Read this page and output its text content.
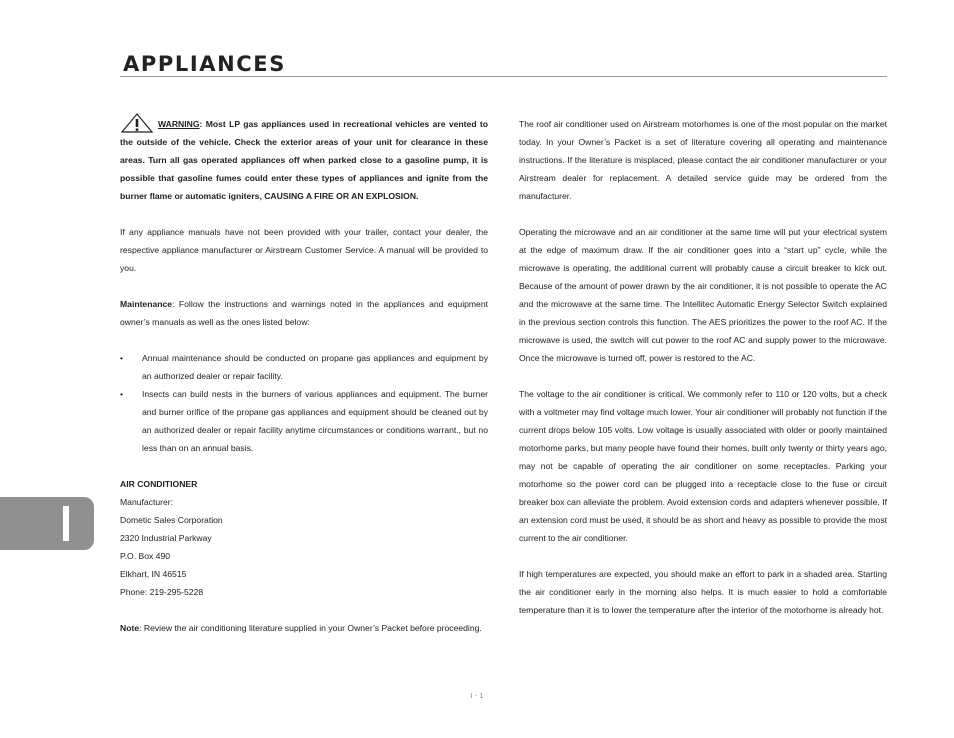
APPLIANCES

WARNING: Most LP gas appliances used in recreational vehicles are vented to the outside of the vehicle. Check the exterior areas of your unit for clearance in these areas. Turn all gas operated appliances off when parked close to a gasoline pump, it is possible that gasoline fumes could enter these types of appliances and ignite from the burner flame or automatic igniters, CAUSING A FIRE OR AN EXPLOSION.

If any appliance manuals have not been provided with your trailer, contact your dealer, the respective appliance manufacturer or Airstream Customer Service. A manual will be provided to you.

Maintenance: Follow the instructions and warnings noted in the appliances and equipment owner’s manuals as well as the ones listed below:

• Annual maintenance should be conducted on propane gas appliances and equipment by an authorized dealer or repair facility.
• Insects can build nests in the burners of various appliances and equipment. The burner and burner orifice of the propane gas appliances and equipment should be cleaned out by an authorized dealer or repair facility anytime circumstances or conditions warrant., but no less than on an annual basis.

AIR CONDITIONER

Manufacturer:

Dometic Sales Corporation

2320 Industrial Parkway

P.O. Box 490

Elkhart, IN 46515

Phone: 219-295-5228

Note: Review the air conditioning literature supplied in your Owner’s Packet before proceeding.

The roof air conditioner used on Airstream motorhomes is one of the most popular on the market today. In your Owner’s Packet is a set of literature covering all operating and maintenance instructions. If the literature is misplaced, please contact the air conditioner manufacturer or your Airstream dealer for replacement. A detailed service guide may be ordered from the manufacturer.

Operating the microwave and an air conditioner at the same time will put your electrical system at the edge of maximum draw. If the air conditioner goes into a “start up” cycle, while the microwave is operating, the additional current will probably cause a circuit breaker to kick out. Because of the amount of power drawn by the air conditioner, it is not possible to operate the AC and the microwave at the same time. The Intellitec Automatic Energy Selector Switch explained in the previous section controls this function. The AES prioritizes the power to the roof AC. If the microwave is used, the switch will cut power to the roof AC and supply power to the microwave. Once the microwave is turned off, power is restored to the AC.

The voltage to the air conditioner is critical. We commonly refer to 110 or 120 volts, but a check with a voltmeter may find voltage much lower. Your air conditioner will probably not function if the current drops below 105 volts. Low voltage is usually associated with older or poorly maintained motorhome parks, but many people have found their homes, built only twenty or thirty years ago, may not be capable of operating the air conditioner on some receptacles. Parking your motorhome so the power cord can be plugged into a receptacle close to the fuse or circuit breaker box can alleviate the problem. Avoid extension cords and adapters whenever possible. If an extension cord must be used, it should be as short and heavy as possible to provide the most current to the air conditioner.

If high temperatures are expected, you should make an effort to park in a shaded area. Starting the air conditioner early in the morning also helps. It is much easier to hold a comfortable temperature than it is to lower the temperature after the interior of the motorhome is already hot.

I - 1
